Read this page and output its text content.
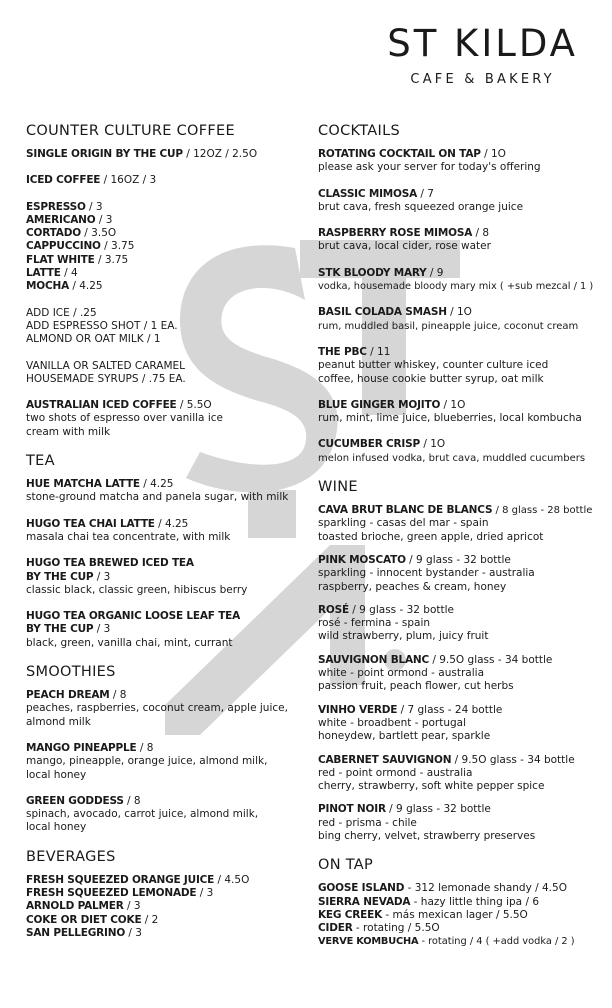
ST KILDA
CAFE & BAKERY
COUNTER CULTURE COFFEE
SINGLE ORIGIN BY THE CUP / 12OZ / 2.5O
ICED COFFEE / 16OZ / 3
ESPRESSO / 3
AMERICANO / 3
CORTADO / 3.5O
CAPPUCCINO / 3.75
FLAT WHITE / 3.75
LATTE / 4
MOCHA / 4.25
ADD ICE / .25
ADD ESPRESSO SHOT / 1 EA.
ALMOND OR OAT MILK / 1
VANILLA OR SALTED CARAMEL
HOUSEMADE SYRUPS / .75 EA.
AUSTRALIAN ICED COFFEE / 5.5O
two shots of espresso over vanilla ice cream with milk
TEA
HUE MATCHA LATTE / 4.25
stone-ground matcha and panela sugar, with milk
HUGO TEA CHAI LATTE / 4.25
masala chai tea concentrate, with milk
HUGO TEA BREWED ICED TEA
BY THE CUP / 3
classic black, classic green, hibiscus berry
HUGO TEA ORGANIC LOOSE LEAF TEA
BY THE CUP / 3
black, green, vanilla chai, mint, currant
SMOOTHIES
PEACH DREAM / 8
peaches, raspberries, coconut cream, apple juice, almond milk
MANGO PINEAPPLE / 8
mango, pineapple, orange juice, almond milk, local honey
GREEN GODDESS / 8
spinach, avocado, carrot juice, almond milk, local honey
BEVERAGES
FRESH SQUEEZED ORANGE JUICE / 4.5O
FRESH SQUEEZED LEMONADE / 3
ARNOLD PALMER / 3
COKE OR DIET COKE / 2
SAN PELLEGRINO / 3
COCKTAILS
ROTATING COCKTAIL ON TAP / 1O
please ask your server for today's offering
CLASSIC MIMOSA / 7
brut cava, fresh squeezed orange juice
RASPBERRY ROSE MIMOSA / 8
brut cava, local cider, rose water
STK BLOODY MARY / 9
vodka, housemade bloody mary mix ( +sub mezcal / 1 )
BASIL COLADA SMASH / 1O
rum, muddled basil, pineapple juice, coconut cream
THE PBC / 11
peanut butter whiskey, counter culture iced coffee, house cookie butter syrup, oat milk
BLUE GINGER MOJITO / 1O
rum, mint, lime juice, blueberries, local kombucha
CUCUMBER CRISP / 1O
melon infused vodka, brut cava, muddled cucumbers
WINE
CAVA BRUT BLANC DE BLANCS / 8 glass - 28 bottle
sparkling - casas del mar - spain
toasted brioche, green apple, dried apricot
PINK MOSCATO / 9 glass - 32 bottle
sparkling - innocent bystander - australia
raspberry, peaches & cream, honey
ROSÉ / 9 glass - 32 bottle
rosé - fermina - spain
wild strawberry, plum, juicy fruit
SAUVIGNON BLANC / 9.5O glass - 34 bottle
white - point ormond - australia
passion fruit, peach flower, cut herbs
VINHO VERDE / 7 glass - 24 bottle
white - broadbent - portugal
honeydew, bartlett pear, sparkle
CABERNET SAUVIGNON / 9.5O glass - 34 bottle
red - point ormond - australia
cherry, strawberry, soft white pepper spice
PINOT NOIR / 9 glass - 32 bottle
red - prisma - chile
bing cherry, velvet, strawberry preserves
ON TAP
GOOSE ISLAND - 312 lemonade shandy / 4.5O
SIERRA NEVADA - hazy little thing ipa / 6
KEG CREEK - más mexican lager / 5.5O
CIDER - rotating / 5.5O
VERVE KOMBUCHA - rotating / 4 ( +add vodka / 2 )
